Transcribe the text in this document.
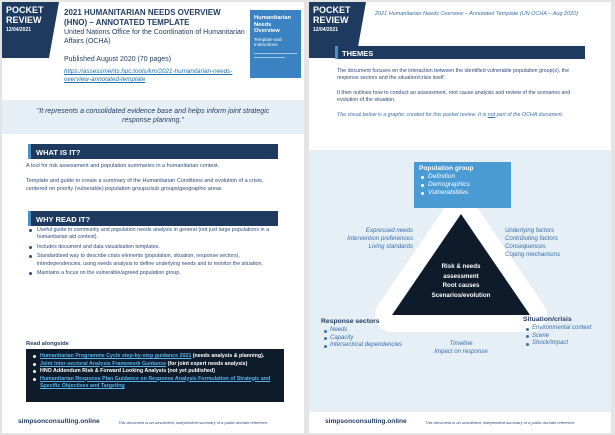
POCKET
REVIEW
12/04/2021
2021 HUMANITARIAN NEEDS OVERVIEW (HNO) – ANNOTATED TEMPLATE
United Nations Office for the Coordination of Humanitarian Affairs (OCHA)
Published August 2020 (70 pages)
https://assessments.hpc.tools/km/2021-humanitarian-needs-overview-annotated-template
Humanitarian Needs Overview
Template and Instructions
"It represents a consolidated evidence base and helps inform joint strategic response planning."
WHAT IS IT?
A tool for risk assessment and population summaries in a humanitarian context.
Template and guide to create a summary of the Humanitarian Conditions and evolution of a crisis, centered on priority (vulnerable) population groups/sub groups/geographic areas
WHY READ IT?
Useful guide to community and population needs analysis in general (not just large populations in a humanitarian aid context).
Includes document and data visualisation templates.
Standardised way to describe crisis elements (population, situation, response sectors), interdependencies, using needs analysis to define underlying needs and to monitor the situation.
Maintains a focus on the vulnerable/agreed population group.
Read alongside
Humanitarian Programme Cycle step-by-step guidance 2021 (needs analysis & planning).
Joint Inter-sectoral Analysis Framework Guidance (for joint expert needs analysis)
HNO Addendum Risk & Forward Looking Analysis (not yet published)
Humanitarian Response Plan Guidance on Response Analysis Formulation of Strategic and Specific Objectives and Targeting
simpsonconsulting.online	This document is an unsolicited, independent summary of a public domain reference.
POCKET
REVIEW
12/04/2021
2021 Humanitarian Needs Overview – Annotated Template (UN OCHA – Aug 2020)
THEMES
The document focuses on the interaction between the identified vulnerable population group(s), the response sectors and the situation/crisis itself.
It then outlines how to conduct an assessment, root cause analysis and review of the scenarios and evolution of the situation.
The visual below is a graphic created for this pocket review. It is not part of the OCHA document.
Population group
Definition
Demographics
Vulnerabilities
Expressed needs
Intervention preferences
Living standards
Underlying factors
Contributing factors
Consequences
Coping mechanisms
Risk & needs
assessment
Root causes
Scenarios/evolution
Response sectors
Needs
Capacity
Intersectoral dependencies
Situation/crisis
Environmental context
Scene
Shock/impact
Timeline
Impact on response
simpsonconsulting.online	This document is an unsolicited, independent summary of a public domain reference.
